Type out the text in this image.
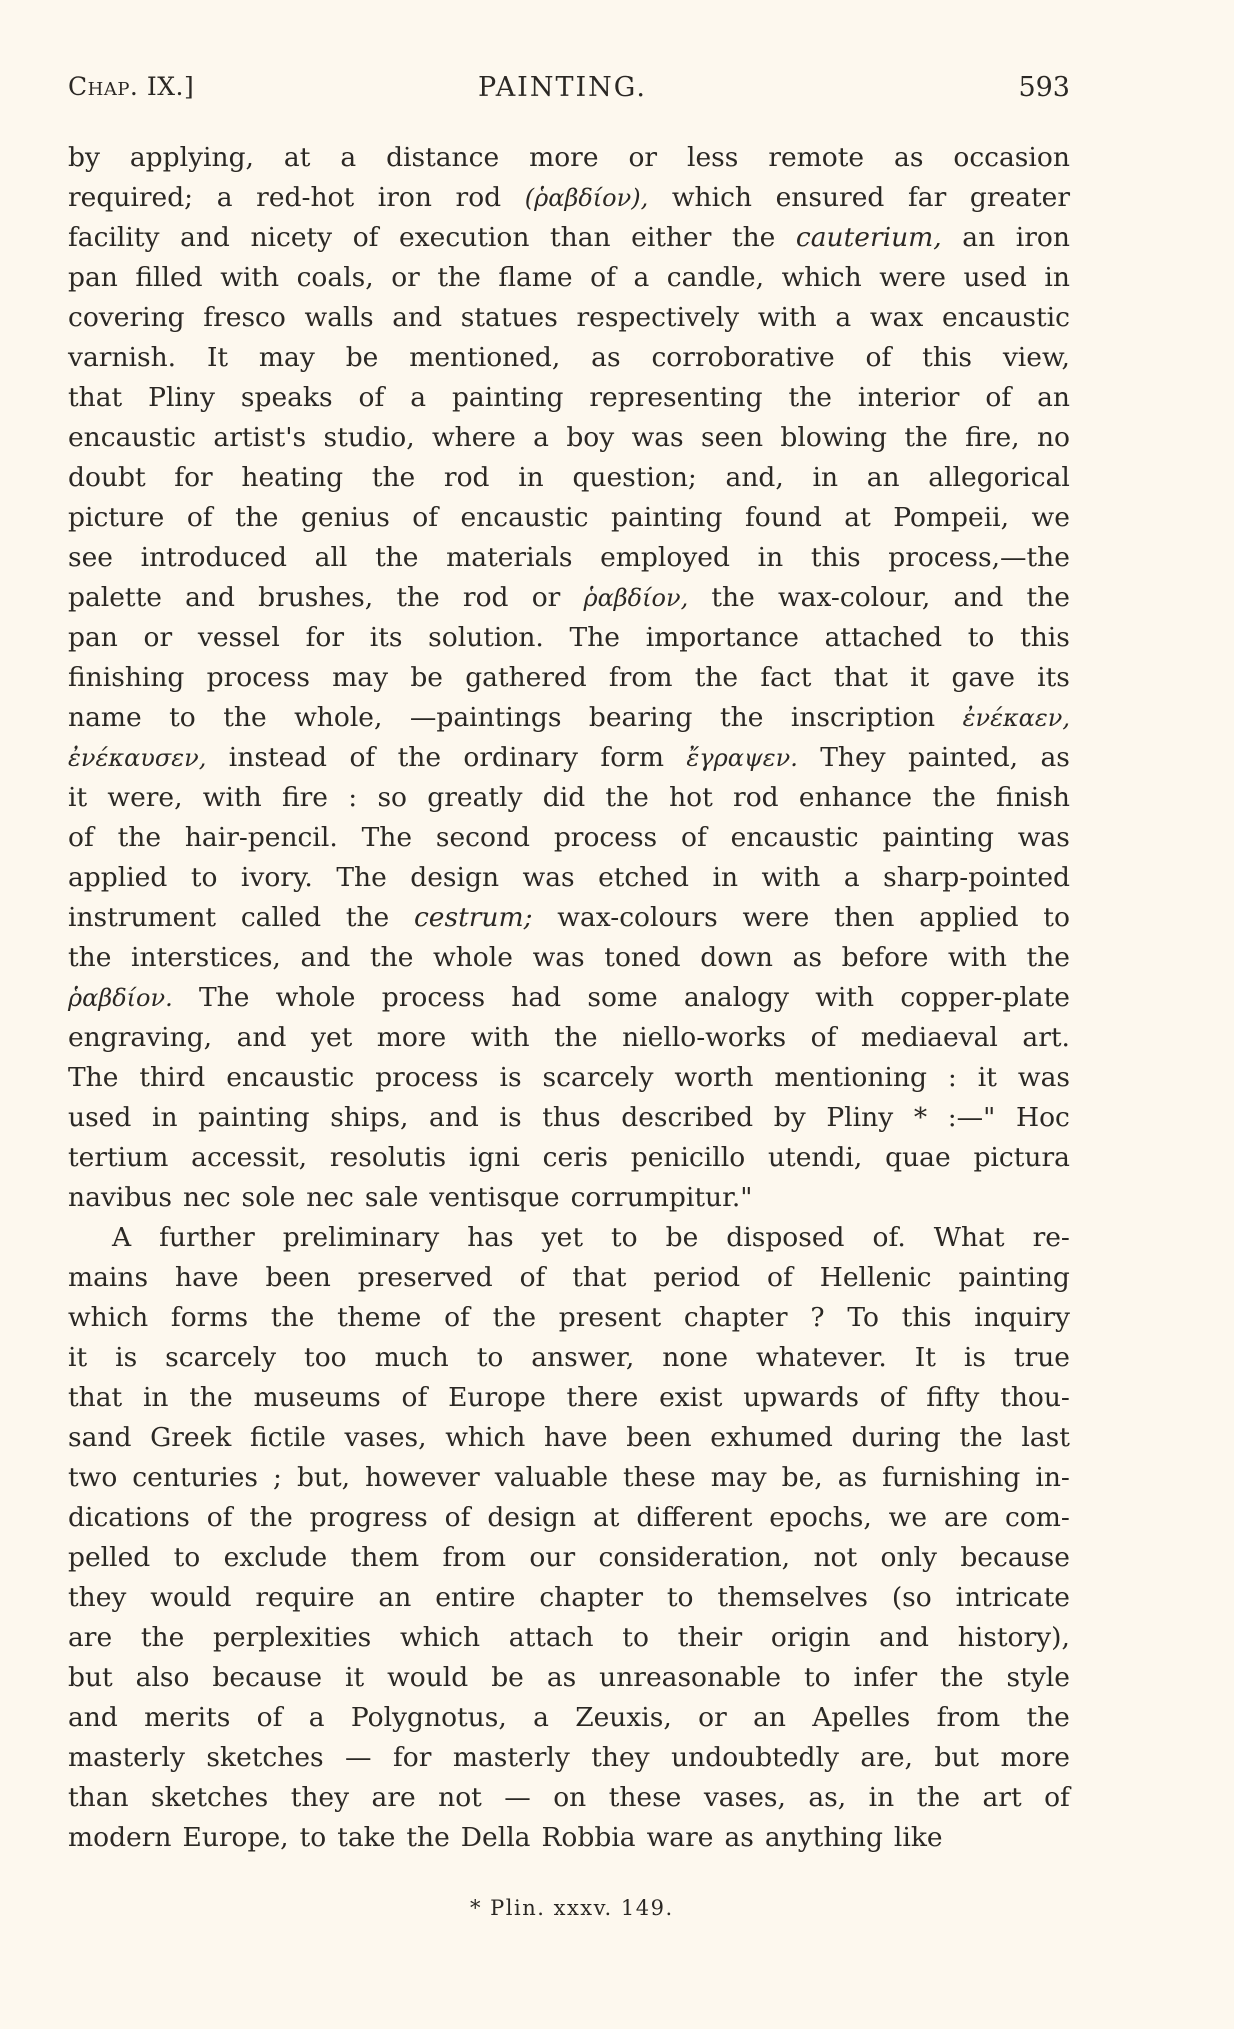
Chap. IX.]	PAINTING.	593
by applying, at a distance more or less remote as occasion
required; a red-hot iron rod (ῥαβδίον), which ensured far greater
facility and nicety of execution than either the cauterium, an iron
pan filled with coals, or the flame of a candle, which were used in
covering fresco walls and statues respectively with a wax encaustic
varnish. It may be mentioned, as corroborative of this view,
that Pliny speaks of a painting representing the interior of an
encaustic artist's studio, where a boy was seen blowing the fire, no
doubt for heating the rod in question; and, in an allegorical
picture of the genius of encaustic painting found at Pompeii, we
see introduced all the materials employed in this process,—the
palette and brushes, the rod or ῥαβδίον, the wax-colour, and the
pan or vessel for its solution. The importance attached to this
finishing process may be gathered from the fact that it gave its
name to the whole, —paintings bearing the inscription ἐνέκαεν,
ἐνέκαυσεν, instead of the ordinary form ἔγραψεν. They painted, as
it were, with fire : so greatly did the hot rod enhance the finish
of the hair-pencil. The second process of encaustic painting was
applied to ivory. The design was etched in with a sharp-pointed
instrument called the cestrum; wax-colours were then applied to
the interstices, and the whole was toned down as before with the
ῥαβδίον. The whole process had some analogy with copper-plate
engraving, and yet more with the niello-works of mediaeval art.
The third encaustic process is scarcely worth mentioning : it was
used in painting ships, and is thus described by Pliny * :—" Hoc
tertium accessit, resolutis igni ceris penicillo utendi, quae pictura
navibus nec sole nec sale ventisque corrumpitur."
A further preliminary has yet to be disposed of. What re-
mains have been preserved of that period of Hellenic painting
which forms the theme of the present chapter ? To this inquiry
it is scarcely too much to answer, none whatever. It is true
that in the museums of Europe there exist upwards of fifty thou-
sand Greek fictile vases, which have been exhumed during the last
two centuries ; but, however valuable these may be, as furnishing in-
dications of the progress of design at different epochs, we are com-
pelled to exclude them from our consideration, not only because
they would require an entire chapter to themselves (so intricate
are the perplexities which attach to their origin and history),
but also because it would be as unreasonable to infer the style
and merits of a Polygnotus, a Zeuxis, or an Apelles from the
masterly sketches — for masterly they undoubtedly are, but more
than sketches they are not — on these vases, as, in the art of
modern Europe, to take the Della Robbia ware as anything like
* Plin. xxxv. 149.
